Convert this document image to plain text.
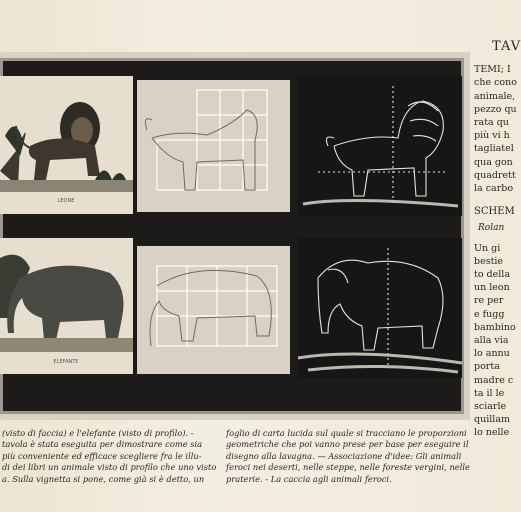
LEONE
ELEFANTE
TAV
TEMI; I
che cono
animale,
pezzo qu
rata qu
più vi h
tagliatel
qua gon
quadrett
la carbo
SCHEM
Rolan
Un gi
bestie
to della
un leon
re per
e fugg
bambino
alla via
lo annu
porta
madre c
ta il le
sciarle
quillam
lo nelle
(visto di faccia) e l'elefante (visto di profilo). -
tavola è stata eseguita per dimostrare come sia
più conveniente ed efficace scegliere fra le illu-
di dei libri un animale visto di profilo che uno visto
a. Sulla vignetta si pone, come già si è detto, un
foglio di carta lucida sul quale si tracciano le proporzioni
geometriche che poi vanno prese per base per eseguire il
disegno alla lavagna. — Associazione d'idee: Gli animali
feroci nei deserti, nelle steppe, nelle foreste vergini, nelle
praterie. - La caccia agli animali feroci.
